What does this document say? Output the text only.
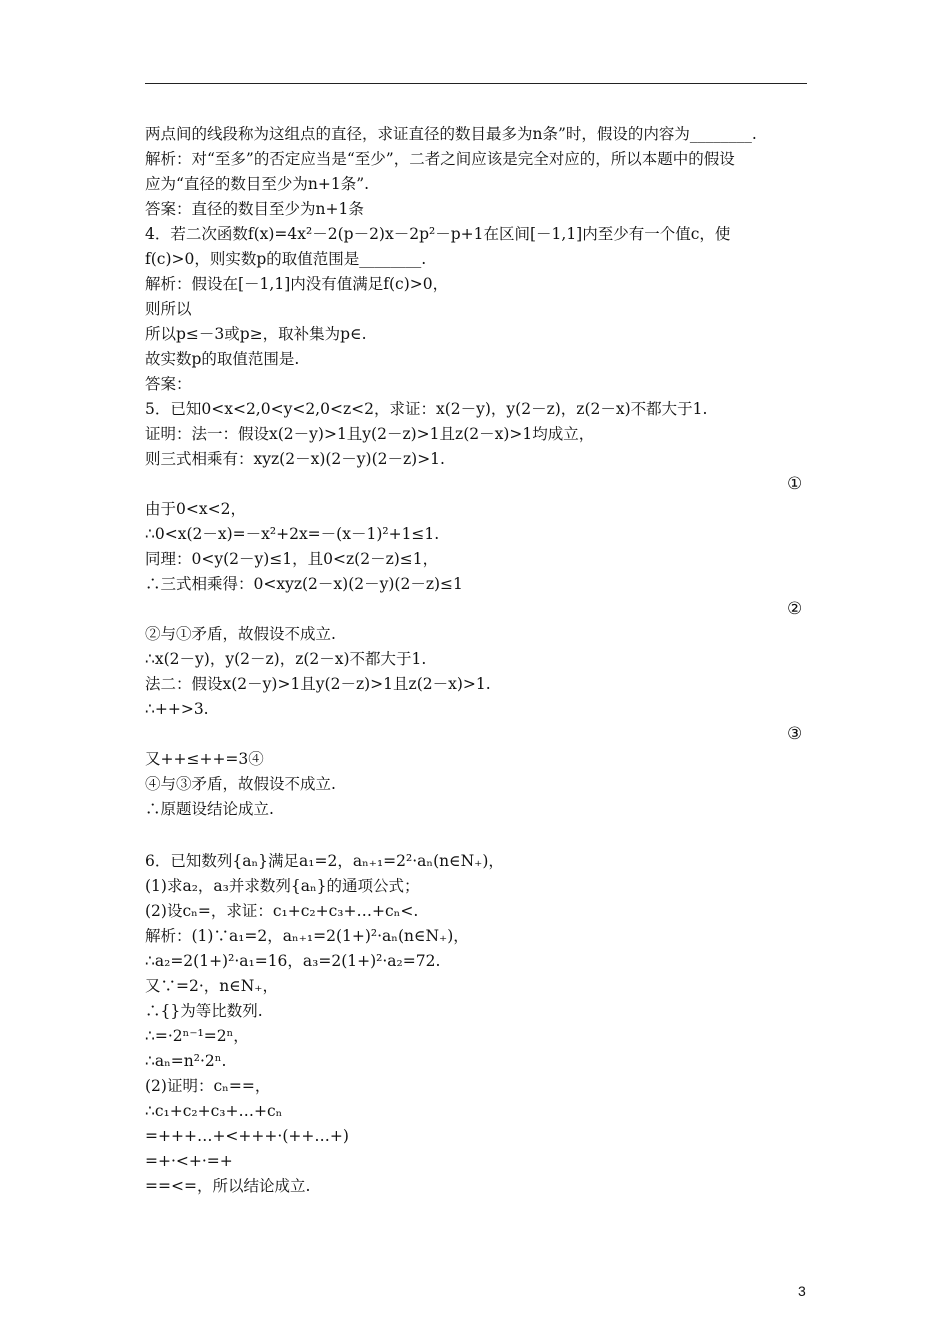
两点间的线段称为这组点的直径，求证直径的数目最多为n条”时，假设的内容为________.
解析：对“至多”的否定应当是“至少”，二者之间应该是完全对应的，所以本题中的假设
应为“直径的数目至少为n+1条”.
答案：直径的数目至少为n+1条
4．若二次函数f(x)=4x²－2(p－2)x－2p²－p+1在区间[－1,1]内至少有一个值c，使
f(c)>0，则实数p的取值范围是________.
解析：假设在[－1,1]内没有值满足f(c)>0，
则所以
所以p≤－3或p≥，取补集为p∈.
故实数p的取值范围是.
答案：
5．已知0<x<2,0<y<2,0<z<2，求证：x(2－y)，y(2－z)，z(2－x)不都大于1.
证明：法一：假设x(2－y)>1且y(2－z)>1且z(2－x)>1均成立，
则三式相乘有：xyz(2－x)(2－y)(2－z)>1.
①
由于0<x<2，
∴0<x(2－x)=－x²+2x=－(x－1)²+1≤1.
同理：0<y(2－y)≤1，且0<z(2－z)≤1，
∴三式相乘得：0<xyz(2－x)(2－y)(2－z)≤1
②
②与①矛盾，故假设不成立.
∴x(2－y)，y(2－z)，z(2－x)不都大于1.
法二：假设x(2－y)>1且y(2－z)>1且z(2－x)>1.
∴++>3.
③
又++≤++=3④
④与③矛盾，故假设不成立.
∴原题设结论成立.
6．已知数列{aₙ}满足a₁=2，aₙ₊₁=2²·aₙ(n∈N₊)，
(1)求a₂，a₃并求数列{aₙ}的通项公式；
(2)设cₙ=，求证：c₁+c₂+c₃+…+cₙ<.
解析：(1)∵a₁=2，aₙ₊₁=2(1+)²·aₙ(n∈N₊)，
∴a₂=2(1+)²·a₁=16，a₃=2(1+)²·a₂=72.
又∵=2·，n∈N₊，
∴{}为等比数列.
∴=·2ⁿ⁻¹=2ⁿ，
∴aₙ=n²·2ⁿ.
(2)证明：cₙ==，
∴c₁+c₂+c₃+…+cₙ
=+++…+<+++·(++…+)
=+·<+·=+
==<=，所以结论成立.
3
